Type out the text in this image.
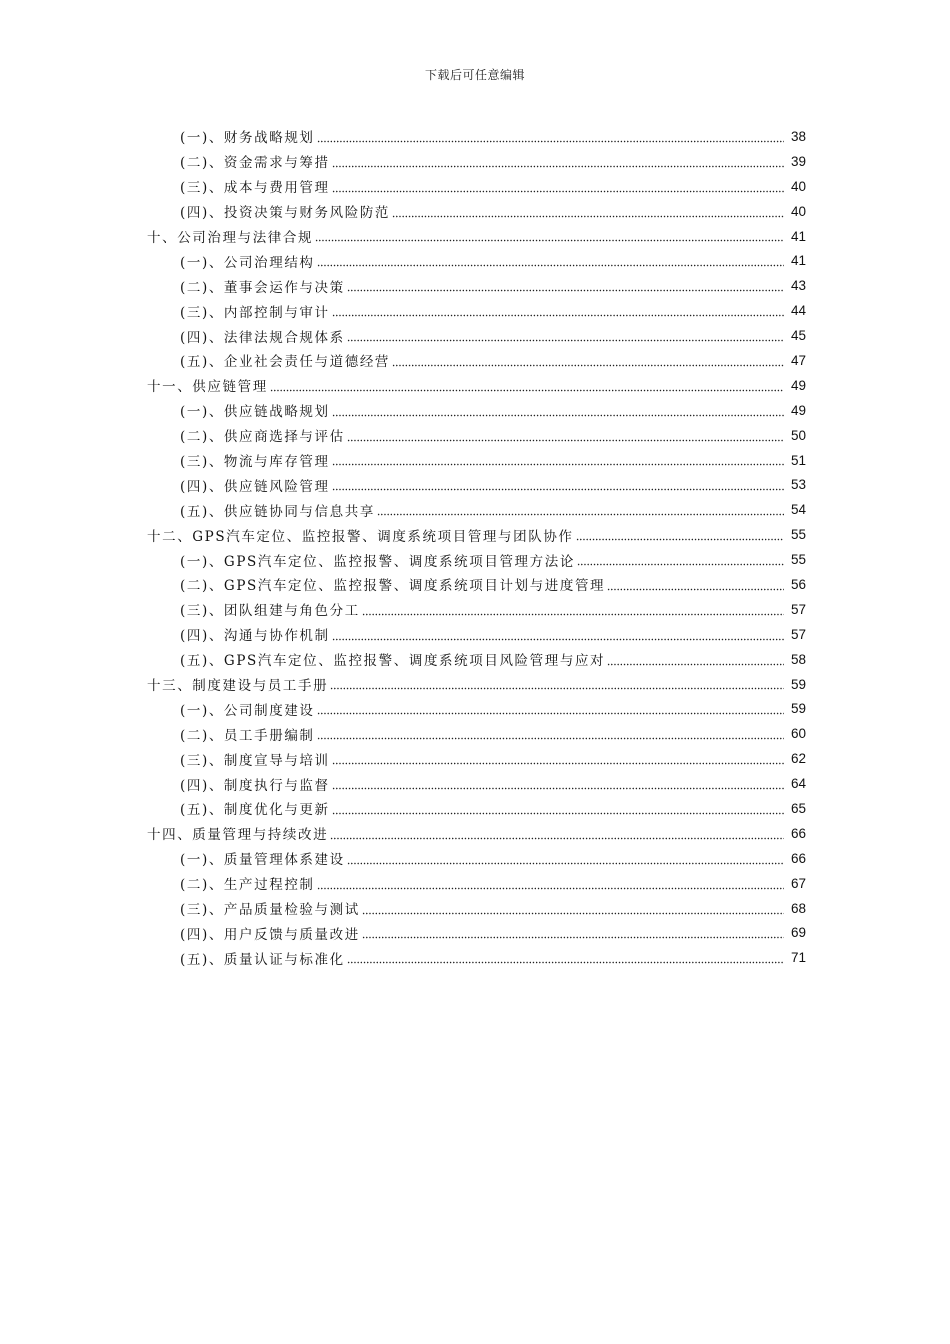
下载后可任意编辑
(一)、财务战略规划	38
(二)、资金需求与筹措	39
(三)、成本与费用管理	40
(四)、投资决策与财务风险防范	40
十、公司治理与法律合规	41
(一)、公司治理结构	41
(二)、董事会运作与决策	43
(三)、内部控制与审计	44
(四)、法律法规合规体系	45
(五)、企业社会责任与道德经营	47
十一、供应链管理	49
(一)、供应链战略规划	49
(二)、供应商选择与评估	50
(三)、物流与库存管理	51
(四)、供应链风险管理	53
(五)、供应链协同与信息共享	54
十二、GPS汽车定位、监控报警、调度系统项目管理与团队协作	55
(一)、GPS汽车定位、监控报警、调度系统项目管理方法论	55
(二)、GPS汽车定位、监控报警、调度系统项目计划与进度管理	56
(三)、团队组建与角色分工	57
(四)、沟通与协作机制	57
(五)、GPS汽车定位、监控报警、调度系统项目风险管理与应对	58
十三、制度建设与员工手册	59
(一)、公司制度建设	59
(二)、员工手册编制	60
(三)、制度宣导与培训	62
(四)、制度执行与监督	64
(五)、制度优化与更新	65
十四、质量管理与持续改进	66
(一)、质量管理体系建设	66
(二)、生产过程控制	67
(三)、产品质量检验与测试	68
(四)、用户反馈与质量改进	69
(五)、质量认证与标准化	71
